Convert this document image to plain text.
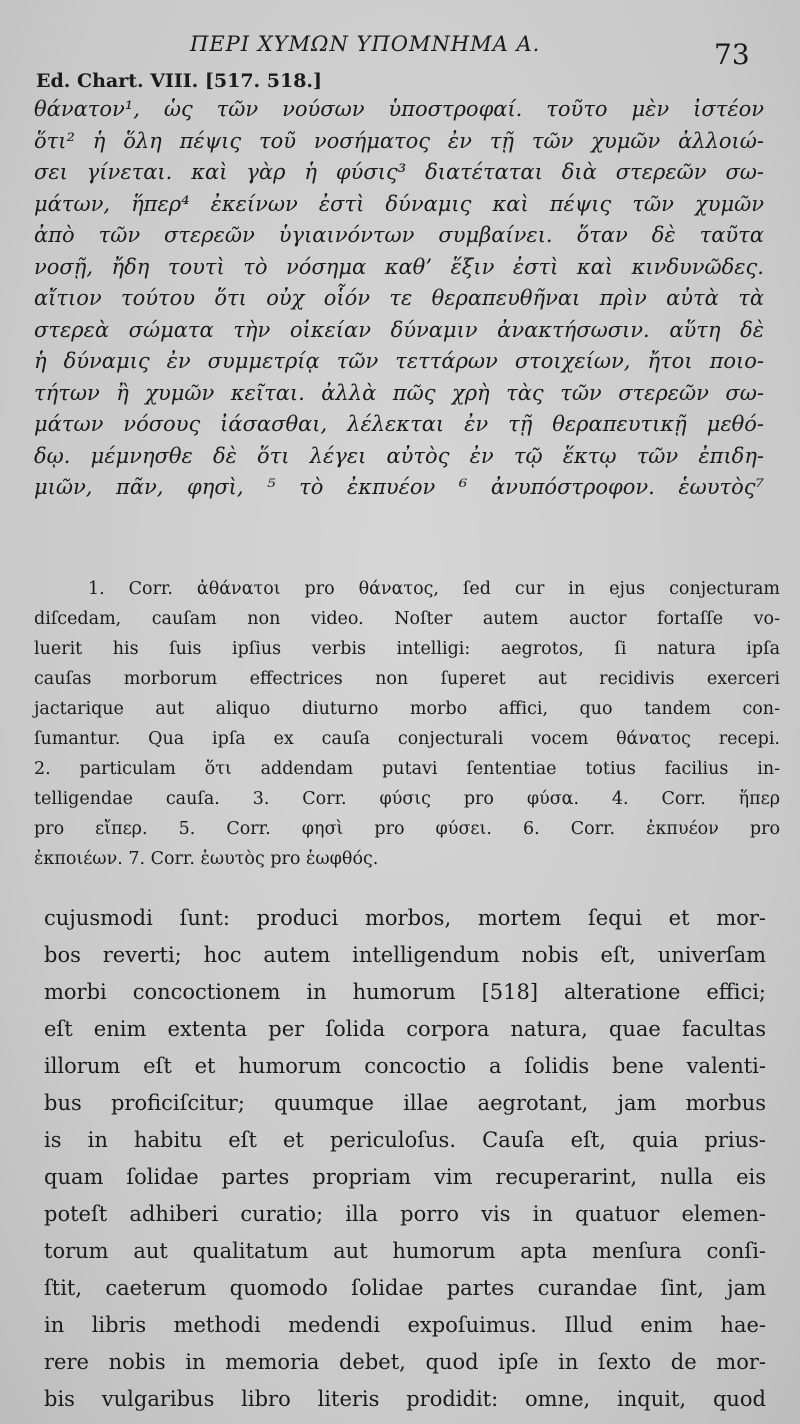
ΠΕΡΙ ΧΥΜΩΝ ΥΠΟΜΝΗΜΑ Α.	73
Ed. Chart. VIII. [517. 518.]
θάνατον¹, ὡς τῶν νούσων ὑποστροφαί. τοῦτο μὲν ἰστέον
ὅτι² ἡ ὅλη πέψις τοῦ νοσήματος ἐν τῇ τῶν χυμῶν ἀλλοιώ-
σει γίνεται. καὶ γὰρ ἡ φύσις³ διατέταται διὰ στερεῶν σω-
μάτων, ἥπερ⁴ ἐκείνων ἐστὶ δύναμις καὶ πέψις τῶν χυμῶν
ἀπὸ τῶν στερεῶν ὑγιαινόντων συμβαίνει. ὅταν δὲ ταῦτα
νοσῇ, ἤδη τουτὶ τὸ νόσημα καθ’ ἕξιν ἐστὶ καὶ κινδυνῶδες.
αἴτιον τούτου ὅτι οὐχ οἷόν τε θεραπευθῆναι πρὶν αὐτὰ τὰ
στερεὰ σώματα τὴν οἰκείαν δύναμιν ἀνακτήσωσιν. αὕτη δὲ
ἡ δύναμις ἐν συμμετρίᾳ τῶν τεττάρων στοιχείων, ἤτοι ποιο-
τήτων ἢ χυμῶν κεῖται. ἀλλὰ πῶς χρὴ τὰς τῶν στερεῶν σω-
μάτων νόσους ἰάσασθαι, λέλεκται ἐν τῇ θεραπευτικῇ μεθό-
δῳ. μέμνησθε δὲ ὅτι λέγει αὐτὸς ἐν τῷ ἕκτῳ τῶν ἐπιδη-
μιῶν, πᾶν, φησὶ, ⁵ τὸ ἐκπυέον ⁶ ἀνυπόστροφον. ἑωυτὸς⁷
1. Corr. ἀθάνατοι pro θάνατος, ſed cur in ejus conjecturam
diſcedam, cauſam non video. Noſter autem auctor fortaſſe vo-
luerit his ſuis ipſius verbis intelligi: aegrotos, ſi natura ipſa
cauſas morborum effectrices non ſuperet aut recidivis exerceri
jactarique aut aliquo diuturno morbo affici, quo tandem con-
ſumantur. Qua ipſa ex cauſa conjecturali vocem θάνατος recepi.
2. particulam ὅτι addendam putavi ſententiae totius facilius in-
telligendae cauſa. 3. Corr. φύσις pro φύσα. 4. Corr. ἥπερ
pro εἴπερ. 5. Corr. φησὶ pro φύσει. 6. Corr. ἐκπυέον pro
ἐκποιέων. 7. Corr. ἑωυτὸς pro ἑωφθός.
cujusmodi ſunt: produci morbos, mortem ſequi et mor-
bos reverti; hoc autem intelligendum nobis eſt, univerſam
morbi concoctionem in humorum [518] alteratione effici;
eſt enim extenta per ſolida corpora natura, quae facultas
illorum eſt et humorum concoctio a ſolidis bene valenti-
bus proficiſcitur; quumque illae aegrotant, jam morbus
is in habitu eſt et periculoſus. Cauſa eſt, quia prius-
quam ſolidae partes propriam vim recuperarint, nulla eis
poteſt adhiberi curatio; illa porro vis in quatuor elemen-
torum aut qualitatum aut humorum apta menſura conſi-
ſtit, caeterum quomodo ſolidae partes curandae ſint, jam
in libris methodi medendi expoſuimus. Illud enim hae-
rere nobis in memoria debet, quod ipſe in ſexto de mor-
bis vulgaribus libro literis prodidit: omne, inquit, quod
